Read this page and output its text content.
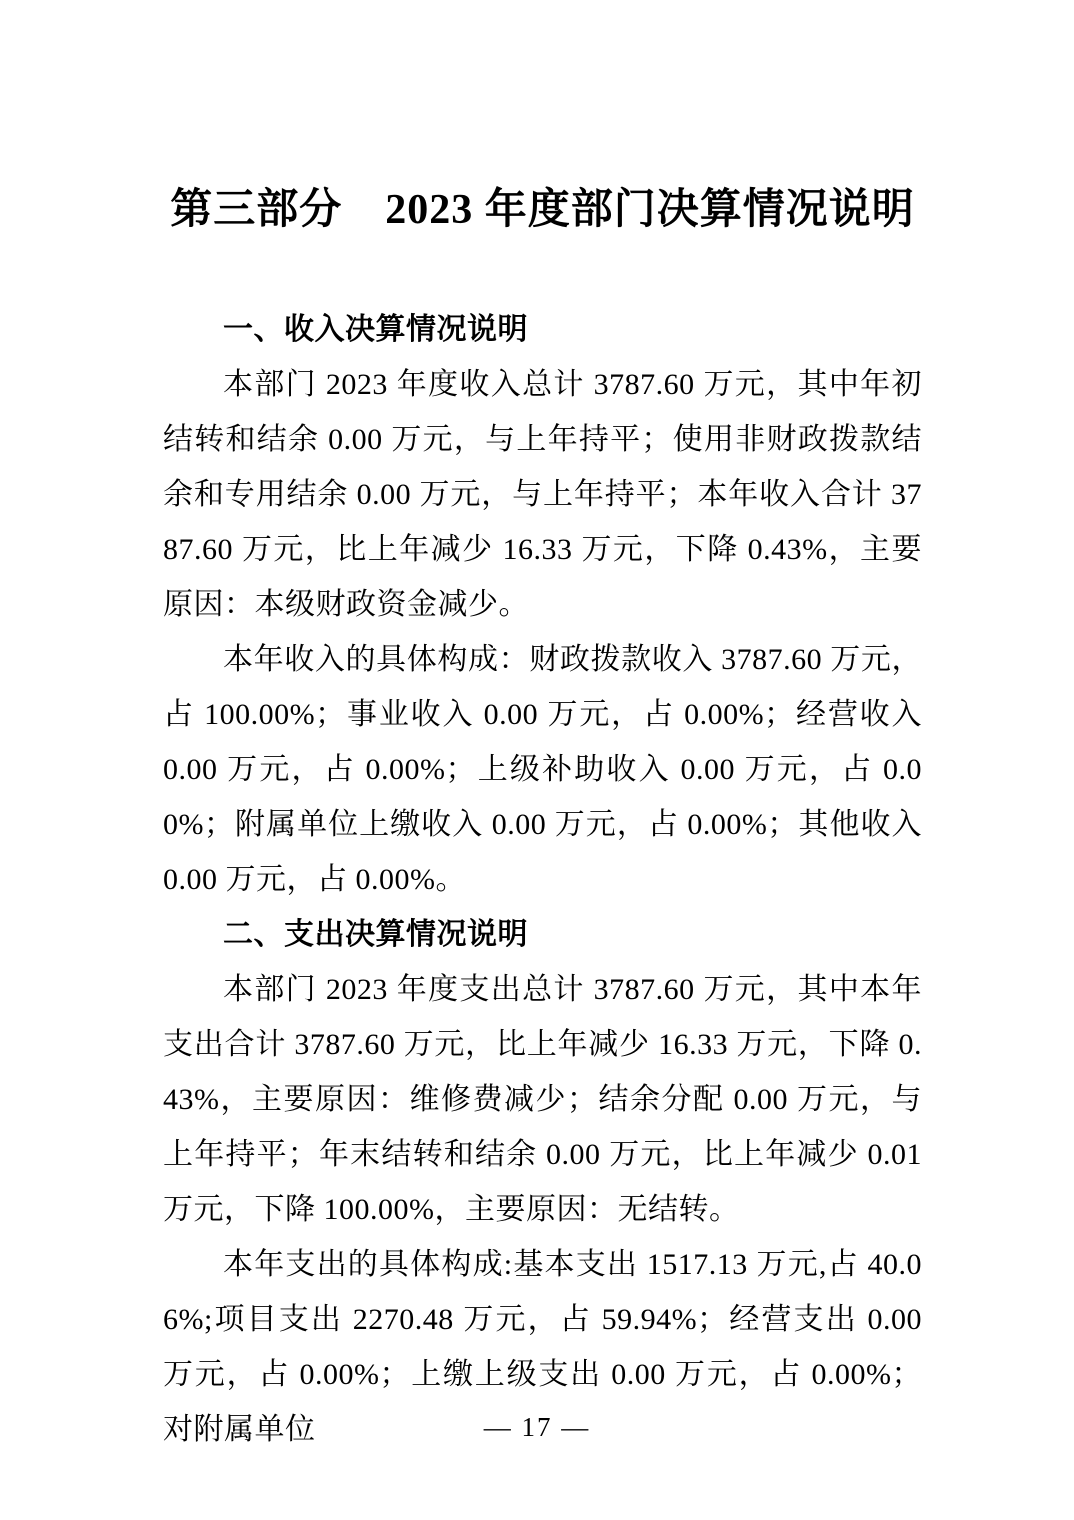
第三部分　2023 年度部门决算情况说明
一、收入决算情况说明

本部门 2023 年度收入总计 3787.60 万元，其中年初结转和结余 0.00 万元，与上年持平；使用非财政拨款结余和专用结余 0.00 万元，与上年持平；本年收入合计 3787.60 万元，比上年减少 16.33 万元，下降 0.43%，主要原因：本级财政资金减少。

本年收入的具体构成：财政拨款收入 3787.60 万元，占 100.00%；事业收入 0.00 万元，占 0.00%；经营收入 0.00 万元，占 0.00%；上级补助收入 0.00 万元，占 0.00%；附属单位上缴收入 0.00 万元，占 0.00%；其他收入 0.00 万元，占 0.00%。

二、支出决算情况说明

本部门 2023 年度支出总计 3787.60 万元，其中本年支出合计 3787.60 万元，比上年减少 16.33 万元，下降 0.43%，主要原因：维修费减少；结余分配 0.00 万元，与上年持平；年末结转和结余 0.00 万元，比上年减少 0.01 万元，下降 100.00%，主要原因：无结转。

本年支出的具体构成:基本支出 1517.13 万元,占 40.06%;项目支出 2270.48 万元，占 59.94%；经营支出 0.00 万元，占 0.00%；上缴上级支出 0.00 万元，占 0.00%；对附属单位	— 17 —
